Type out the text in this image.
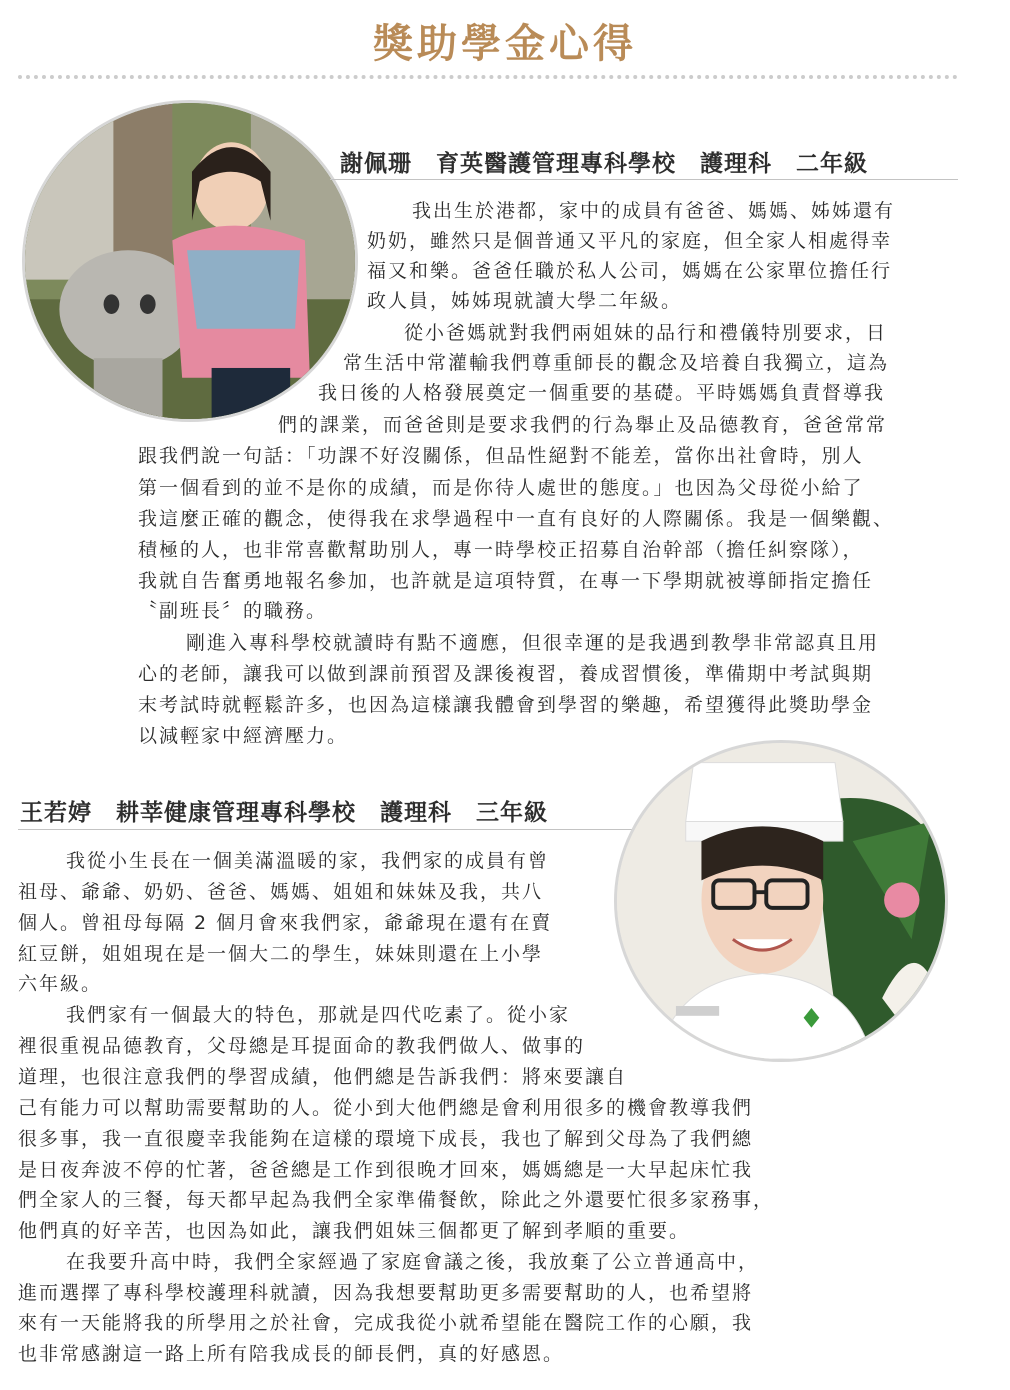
獎助學金心得
謝佩珊　育英醫護管理專科學校　護理科　二年級
我出生於港都，家中的成員有爸爸、媽媽、姊姊還有
奶奶，雖然只是個普通又平凡的家庭，但全家人相處得幸
福又和樂。爸爸任職於私人公司，媽媽在公家單位擔任行
政人員，姊姊現就讀大學二年級。
從小爸媽就對我們兩姐妹的品行和禮儀特別要求，日
常生活中常灌輸我們尊重師長的觀念及培養自我獨立，這為
我日後的人格發展奠定一個重要的基礎。平時媽媽負責督導我
們的課業，而爸爸則是要求我們的行為舉止及品德教育，爸爸常常
跟我們說一句話：「功課不好沒關係，但品性絕對不能差，當你出社會時，別人
第一個看到的並不是你的成績，而是你待人處世的態度。」也因為父母從小給了
我這麼正確的觀念，使得我在求學過程中一直有良好的人際關係。我是一個樂觀、
積極的人，也非常喜歡幫助別人，專一時學校正招募自治幹部（擔任糾察隊），
我就自告奮勇地報名參加，也許就是這項特質，在專一下學期就被導師指定擔任
〝副班長〞的職務。
剛進入專科學校就讀時有點不適應，但很幸運的是我遇到教學非常認真且用
心的老師，讓我可以做到課前預習及課後複習，養成習慣後，準備期中考試與期
末考試時就輕鬆許多，也因為這樣讓我體會到學習的樂趣，希望獲得此獎助學金
以減輕家中經濟壓力。
王若婷　耕莘健康管理專科學校　護理科　三年級
我從小生長在一個美滿溫暖的家，我們家的成員有曾
祖母、爺爺、奶奶、爸爸、媽媽、姐姐和妹妹及我，共八
個人。曾祖母每隔 2 個月會來我們家，爺爺現在還有在賣
紅豆餅，姐姐現在是一個大二的學生，妹妹則還在上小學
六年級。
我們家有一個最大的特色，那就是四代吃素了。從小家
裡很重視品德教育，父母總是耳提面命的教我們做人、做事的
道理，也很注意我們的學習成績，他們總是告訴我們：將來要讓自
己有能力可以幫助需要幫助的人。從小到大他們總是會利用很多的機會教導我們
很多事，我一直很慶幸我能夠在這樣的環境下成長，我也了解到父母為了我們總
是日夜奔波不停的忙著，爸爸總是工作到很晚才回來，媽媽總是一大早起床忙我
們全家人的三餐，每天都早起為我們全家準備餐飲，除此之外還要忙很多家務事，
他們真的好辛苦，也因為如此，讓我們姐妹三個都更了解到孝順的重要。
在我要升高中時，我們全家經過了家庭會議之後，我放棄了公立普通高中，
進而選擇了專科學校護理科就讀，因為我想要幫助更多需要幫助的人，也希望將
來有一天能將我的所學用之於社會，完成我從小就希望能在醫院工作的心願，我
也非常感謝這一路上所有陪我成長的師長們，真的好感恩。
